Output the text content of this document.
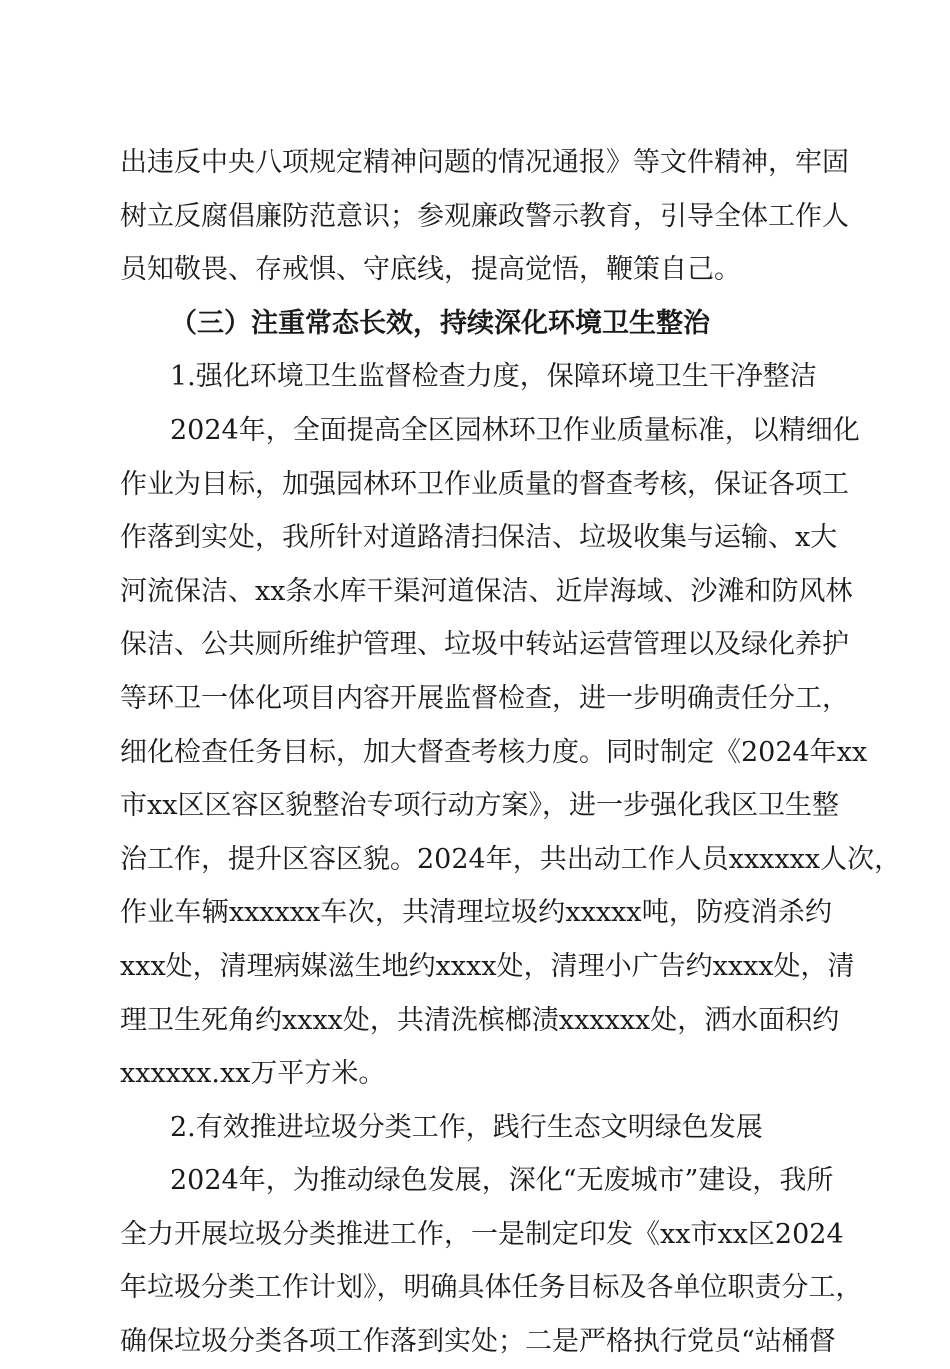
出违反中央八项规定精神问题的情况通报》等文件精神，牢固
树立反腐倡廉防范意识；参观廉政警示教育，引导全体工作人
员知敬畏、存戒惧、守底线，提高觉悟，鞭策自己。
（三）注重常态长效，持续深化环境卫生整治
1.强化环境卫生监督检查力度，保障环境卫生干净整洁
2024年，全面提高全区园林环卫作业质量标准，以精细化
作业为目标，加强园林环卫作业质量的督查考核，保证各项工
作落到实处，我所针对道路清扫保洁、垃圾收集与运输、x大
河流保洁、xx条水库干渠河道保洁、近岸海域、沙滩和防风林
保洁、公共厕所维护管理、垃圾中转站运营管理以及绿化养护
等环卫一体化项目内容开展监督检查，进一步明确责任分工，
细化检查任务目标，加大督查考核力度。同时制定《2024年xx
市xx区区容区貌整治专项行动方案》，进一步强化我区卫生整
治工作，提升区容区貌。2024年，共出动工作人员xxxxxx人次，
作业车辆xxxxxx车次，共清理垃圾约xxxxx吨，防疫消杀约
xxx处，清理病媒滋生地约xxxx处，清理小广告约xxxx处，清
理卫生死角约xxxx处，共清洗槟榔渍xxxxxx处，洒水面积约
xxxxxx.xx万平方米。
2.有效推进垃圾分类工作，践行生态文明绿色发展
2024年，为推动绿色发展，深化“无废城市”建设，我所
全力开展垃圾分类推进工作，一是制定印发《xx市xx区2024
年垃圾分类工作计划》，明确具体任务目标及各单位职责分工，
确保垃圾分类各项工作落到实处；二是严格执行党员“站桶督
